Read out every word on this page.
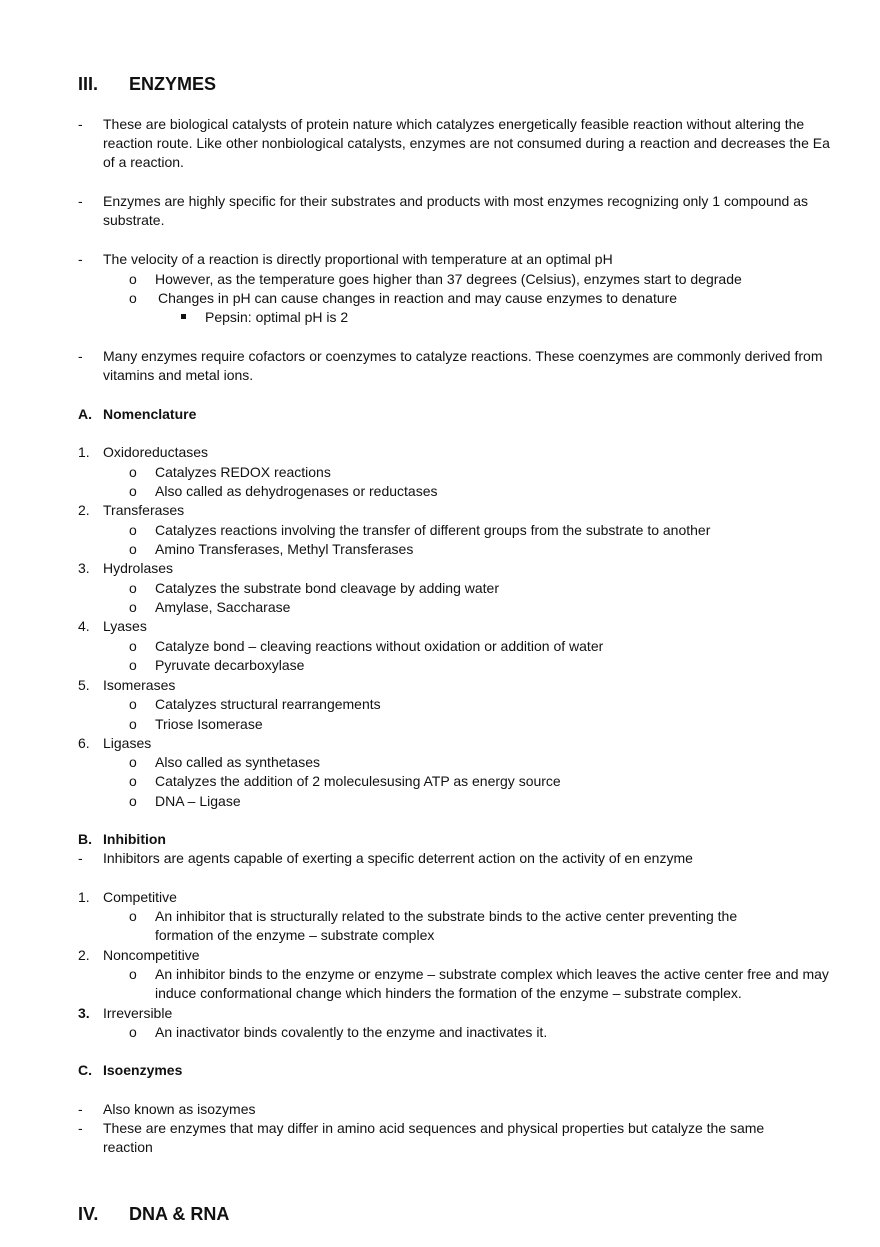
III. ENZYMES
- These are biological catalysts of protein nature which catalyzes energetically feasible reaction without altering the reaction route. Like other nonbiological catalysts, enzymes are not consumed during a reaction and decreases the Ea of a reaction.
- Enzymes are highly specific for their substrates and products with most enzymes recognizing only 1 compound as substrate.
- The velocity of a reaction is directly proportional with temperature at an optimal pH
o However, as the temperature goes higher than 37 degrees (Celsius), enzymes start to degrade
o Changes in pH can cause changes in reaction and may cause enzymes to denature
Pepsin: optimal pH is 2
- Many enzymes require cofactors or coenzymes to catalyze reactions. These coenzymes are commonly derived from vitamins and metal ions.
A. Nomenclature
1. Oxidoreductases
o Catalyzes REDOX reactions
o Also called as dehydrogenases or reductases
2. Transferases
o Catalyzes reactions involving the transfer of different groups from the substrate to another
o Amino Transferases, Methyl Transferases
3. Hydrolases
o Catalyzes the substrate bond cleavage by adding water
o Amylase, Saccharase
4. Lyases
o Catalyze bond – cleaving reactions without oxidation or addition of water
o Pyruvate decarboxylase
5. Isomerases
o Catalyzes structural rearrangements
o Triose Isomerase
6. Ligases
o Also called as synthetases
o Catalyzes the addition of 2 moleculesusing ATP as energy source
o DNA – Ligase
B. Inhibition
- Inhibitors are agents capable of exerting a specific deterrent action on the activity of en enzyme
1. Competitive
o An inhibitor that is structurally related to the substrate binds to the active center preventing the formation of the enzyme – substrate complex
2. Noncompetitive
o An inhibitor binds to the enzyme or enzyme – substrate complex which leaves the active center free and may induce conformational change which hinders the formation of the enzyme – substrate complex.
3. Irreversible
o An inactivator binds covalently to the enzyme and inactivates it.
C. Isoenzymes
- Also known as isozymes
- These are enzymes that may differ in amino acid sequences and physical properties but catalyze the same reaction
IV. DNA & RNA
